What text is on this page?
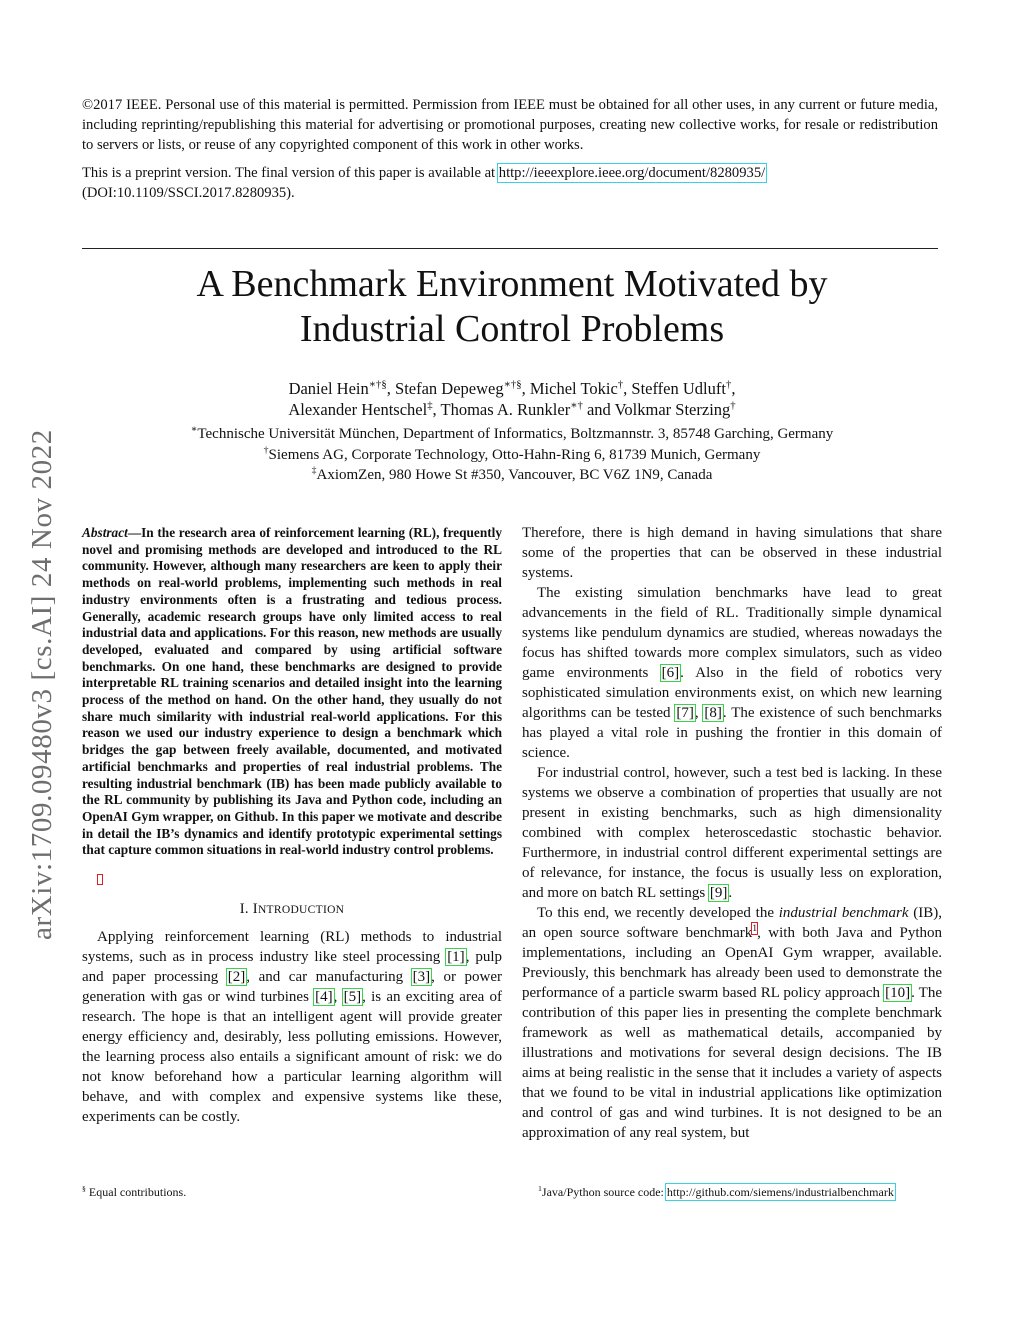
©2017 IEEE. Personal use of this material is permitted. Permission from IEEE must be obtained for all other uses, in any current or future media, including reprinting/republishing this material for advertising or promotional purposes, creating new collective works, for resale or redistribution to servers or lists, or reuse of any copyrighted component of this work in other works.

This is a preprint version. The final version of this paper is available at http://ieeexplore.ieee.org/document/8280935/
(DOI:10.1109/SSCI.2017.8280935).

A Benchmark Environment Motivated by
Industrial Control Problems
Daniel Hein∗†§, Stefan Depeweg∗†§, Michel Tokic†, Steffen Udluft†,
Alexander Hentschel‡, Thomas A. Runkler∗† and Volkmar Sterzing†
∗Technische Universität München, Department of Informatics, Boltzmannstr. 3, 85748 Garching, Germany
†Siemens AG, Corporate Technology, Otto-Hahn-Ring 6, 81739 Munich, Germany
‡AxiomZen, 980 Howe St #350, Vancouver, BC V6Z 1N9, Canada
arXiv:1709.09480v3 [cs.AI] 24 Nov 2022 Abstract—In the research area of reinforcement learning (RL), frequently novel and promising methods are developed and introduced to the RL community. However, although many researchers are keen to apply their methods on real-world problems, implementing such methods in real industry environments often is a frustrating and tedious process. Generally, academic research groups have only limited access to real industrial data and applications. For this reason, new methods are usually developed, evaluated and compared by using artificial software benchmarks. On one hand, these benchmarks are designed to provide interpretable RL training scenarios and detailed insight into the learning process of the method on hand. On the other hand, they usually do not share much similarity with industrial real-world applications. For this reason we used our industry experience to design a benchmark which bridges the gap between freely available, documented, and motivated artificial benchmarks and properties of real industrial problems. The resulting industrial benchmark (IB) has been made publicly available to the RL community by publishing its Java and Python code, including an OpenAI Gym wrapper, on Github. In this paper we motivate and describe in detail the IB’s dynamics and identify prototypic experimental settings that capture common situations in real-world industry control problems.

I. INTRODUCTION

Applying reinforcement learning (RL) methods to industrial systems, such as in process industry like steel processing [1], pulp and paper processing [2], and car manufacturing [3], or power generation with gas or wind turbines [4], [5], is an exciting area of research. The hope is that an intelligent agent will provide greater energy efficiency and, desirably, less polluting emissions. However, the learning process also entails a significant amount of risk: we do not know beforehand how a particular learning algorithm will behave, and with complex and expensive systems like these, experiments can be costly.

Therefore, there is high demand in having simulations that share some of the properties that can be observed in these industrial systems.

The existing simulation benchmarks have lead to great advancements in the field of RL. Traditionally simple dynamical systems like pendulum dynamics are studied, whereas nowadays the focus has shifted towards more complex simulators, such as video game environments [6]. Also in the field of robotics very sophisticated simulation environments exist, on which new learning algorithms can be tested [7], [8]. The existence of such benchmarks has played a vital role in pushing the frontier in this domain of science.

For industrial control, however, such a test bed is lacking. In these systems we observe a combination of properties that usually are not present in existing benchmarks, such as high dimensionality combined with complex heteroscedastic stochastic behavior. Furthermore, in industrial control different experimental settings are of relevance, for instance, the focus is usually less on exploration, and more on batch RL settings [9].

To this end, we recently developed the industrial benchmark (IB), an open source software benchmark$^1$, with both Java and Python implementations, including an OpenAI Gym wrapper, available. Previously, this benchmark has already been used to demonstrate the performance of a particle swarm based RL policy approach [10]. The contribution of this paper lies in presenting the complete benchmark framework as well as mathematical details, accompanied by illustrations and motivations for several design decisions. The IB aims at being realistic in the sense that it includes a variety of aspects that we found to be vital in industrial applications like optimization and control of gas and wind turbines. It is not designed to be an approximation of any real system, but

§ Equal contributions.	$^1$Java/Python source code: http://github.com/siemens/industrialbenchmark
